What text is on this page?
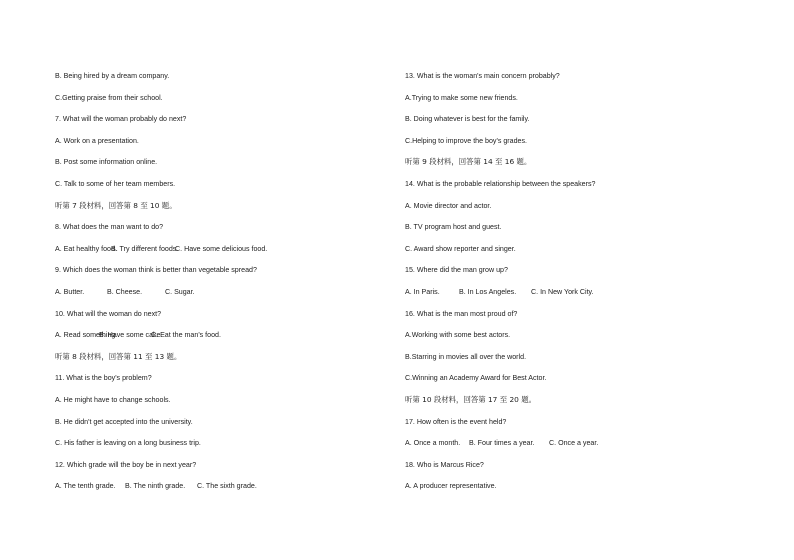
B. Being hired by a dream company.
C.Getting praise from their school.
7. What will the woman probably do next?
A. Work on a presentation.
B. Post some information online.
C. Talk to some of her team members.
听第 7 段材料，回答第 8 至 10 题。
8. What does the man want to do?
A. Eat healthy food.B. Try different foods.C. Have some delicious food.
9. Which does the woman think is better than vegetable spread?
A. Butter.	B. Cheese.	C. Sugar.
10. What will the woman do next?
A. Read something.B. Have some cake.C. Eat the man's food.
听第 8 段材料，回答第 11 至 13 题。
11. What is the boy's problem?
A. He might have to change schools.
B. He didn't get accepted into the university.
C. His father is leaving on a long business trip.
12. Which grade will the boy be in next year?
A. The tenth grade. B. The ninth grade. C. The sixth grade.
13. What is the woman's main concern probably?
A.Trying to make some new friends.
B. Doing whatever is best for the family.
C.Helping to improve the boy's grades.
听第 9 段材料，回答第 14 至 16 题。
14. What is the probable relationship between the speakers?
A. Movie director and actor.
B. TV program host and guest.
C. Award show reporter and singer.
15. Where did the man grow up?
A. In Paris.	B. In Los Angeles. C. In New York City.
16. What is the man most proud of?
A.Working with some best actors.
B.Starring in movies all over the world.
C.Winning an Academy Award for Best Actor.
听第 10 段材料，回答第 17 至 20 题。
17. How often is the event held?
A. Once a month. B. Four times a year. C. Once a year.
18. Who is Marcus Rice?
A. A producer representative.
